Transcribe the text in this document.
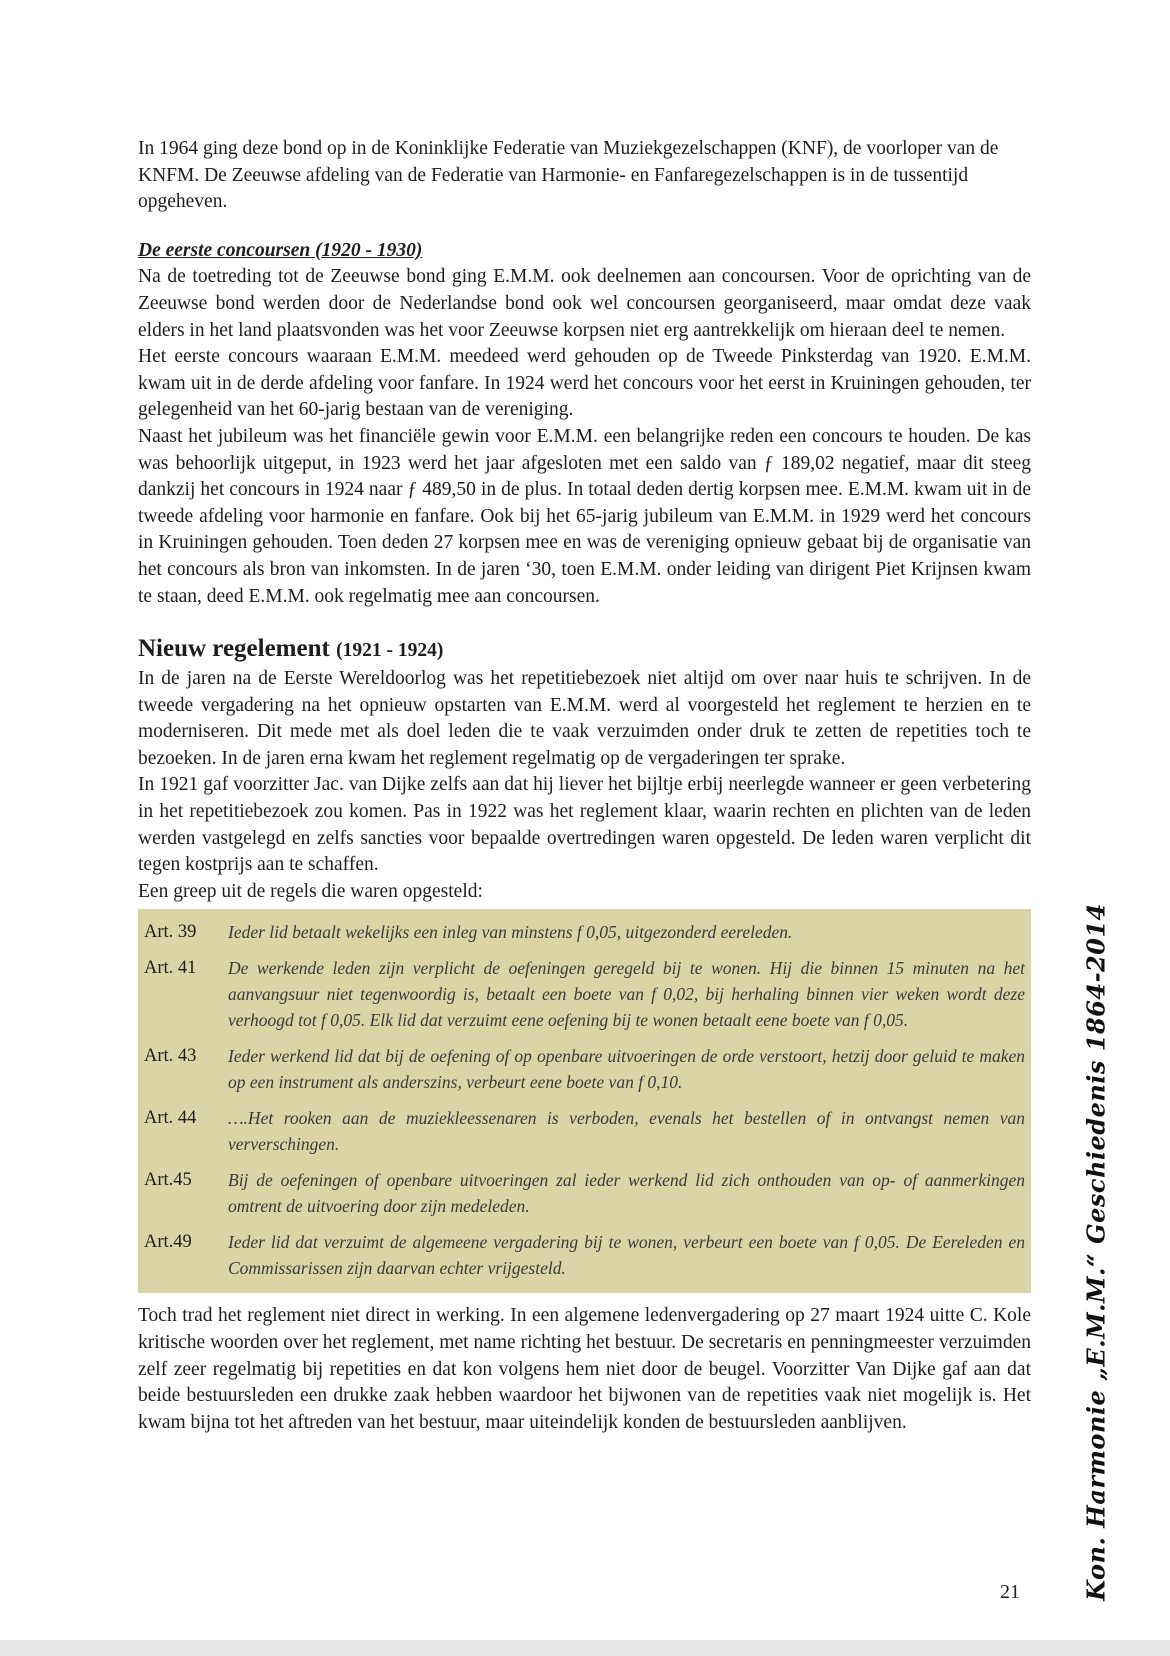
In 1964 ging deze bond op in de Koninklijke Federatie van Muziekgezelschappen (KNF), de voorloper van de KNFM. De Zeeuwse afdeling van de Federatie van Harmonie- en Fanfaregezelschappen is in de tussentijd opgeheven.

De eerste concoursen (1920 - 1930)

Na de toetreding tot de Zeeuwse bond ging E.M.M. ook deelnemen aan concoursen. Voor de oprichting van de Zeeuwse bond werden door de Nederlandse bond ook wel concoursen georganiseerd, maar omdat deze vaak elders in het land plaatsvonden was het voor Zeeuwse korpsen niet erg aantrekkelijk om hieraan deel te nemen.

Het eerste concours waaraan E.M.M. meedeed werd gehouden op de Tweede Pinksterdag van 1920. E.M.M. kwam uit in de derde afdeling voor fanfare. In 1924 werd het concours voor het eerst in Kruiningen gehouden, ter gelegenheid van het 60-jarig bestaan van de vereniging.

Naast het jubileum was het financiële gewin voor E.M.M. een belangrijke reden een concours te houden. De kas was behoorlijk uitgeput, in 1923 werd het jaar afgesloten met een saldo van ƒ 189,02 negatief, maar dit steeg dankzij het concours in 1924 naar ƒ 489,50 in de plus. In totaal deden dertig korpsen mee. E.M.M. kwam uit in de tweede afdeling voor harmonie en fanfare. Ook bij het 65-jarig jubileum van E.M.M. in 1929 werd het concours in Kruiningen gehouden. Toen deden 27 korpsen mee en was de vereniging opnieuw gebaat bij de organisatie van het concours als bron van inkomsten. In de jaren ‘30, toen E.M.M. onder leiding van dirigent Piet Krijnsen kwam te staan, deed E.M.M. ook regelmatig mee aan concoursen.

Nieuw regelement (1921 - 1924)

In de jaren na de Eerste Wereldoorlog was het repetitiebezoek niet altijd om over naar huis te schrijven. In de tweede vergadering na het opnieuw opstarten van E.M.M. werd al voorgesteld het reglement te herzien en te moderniseren. Dit mede met als doel leden die te vaak verzuimden onder druk te zetten de repetities toch te bezoeken. In de jaren erna kwam het reglement regelmatig op de vergaderingen ter sprake.

In 1921 gaf voorzitter Jac. van Dijke zelfs aan dat hij liever het bijltje erbij neerlegde wanneer er geen verbetering in het repetitiebezoek zou komen. Pas in 1922 was het reglement klaar, waarin rechten en plichten van de leden werden vastgelegd en zelfs sancties voor bepaalde overtredingen waren opgesteld. De leden waren verplicht dit tegen kostprijs aan te schaffen.

Een greep uit de regels die waren opgesteld:

Art. 39	Ieder lid betaalt wekelijks een inleg van minstens f 0,05, uitgezonderd eereleden.
Art. 41	De werkende leden zijn verplicht de oefeningen geregeld bij te wonen. Hij die binnen 15 minuten na het aanvangsuur niet tegenwoordig is, betaalt een boete van f 0,02, bij herhaling binnen vier weken wordt deze verhoogd tot f 0,05. Elk lid dat verzuimt eene oefening bij te wonen betaalt eene boete van f 0,05.
Art. 43	Ieder werkend lid dat bij de oefening of op openbare uitvoeringen de orde verstoort, hetzij door geluid te maken op een instrument als anderszins, verbeurt eene boete van f 0,10.
Art. 44	….Het rooken aan de muziekleessenaren is verboden, evenals het bestellen of in ontvangst nemen van ververschingen.
Art.45	Bij de oefeningen of openbare uitvoeringen zal ieder werkend lid zich onthouden van op- of aanmerkingen omtrent de uitvoering door zijn medeleden.
Art.49	Ieder lid dat verzuimt de algemeene vergadering bij te wonen, verbeurt een boete van f 0,05. De Eereleden en Commissarissen zijn daarvan echter vrijgesteld.

Toch trad het reglement niet direct in werking. In een algemene ledenvergadering op 27 maart 1924 uitte C. Kole kritische woorden over het reglement, met name richting het bestuur. De secretaris en penningmeester verzuimden zelf zeer regelmatig bij repetities en dat kon volgens hem niet door de beugel. Voorzitter Van Dijke gaf aan dat beide bestuursleden een drukke zaak hebben waardoor het bijwonen van de repetities vaak niet mogelijk is. Het kwam bijna tot het aftreden van het bestuur, maar uiteindelijk konden de bestuursleden aanblijven.	Kon. Harmonie „E.M.M.“ Geschiedenis 1864-2014
21
